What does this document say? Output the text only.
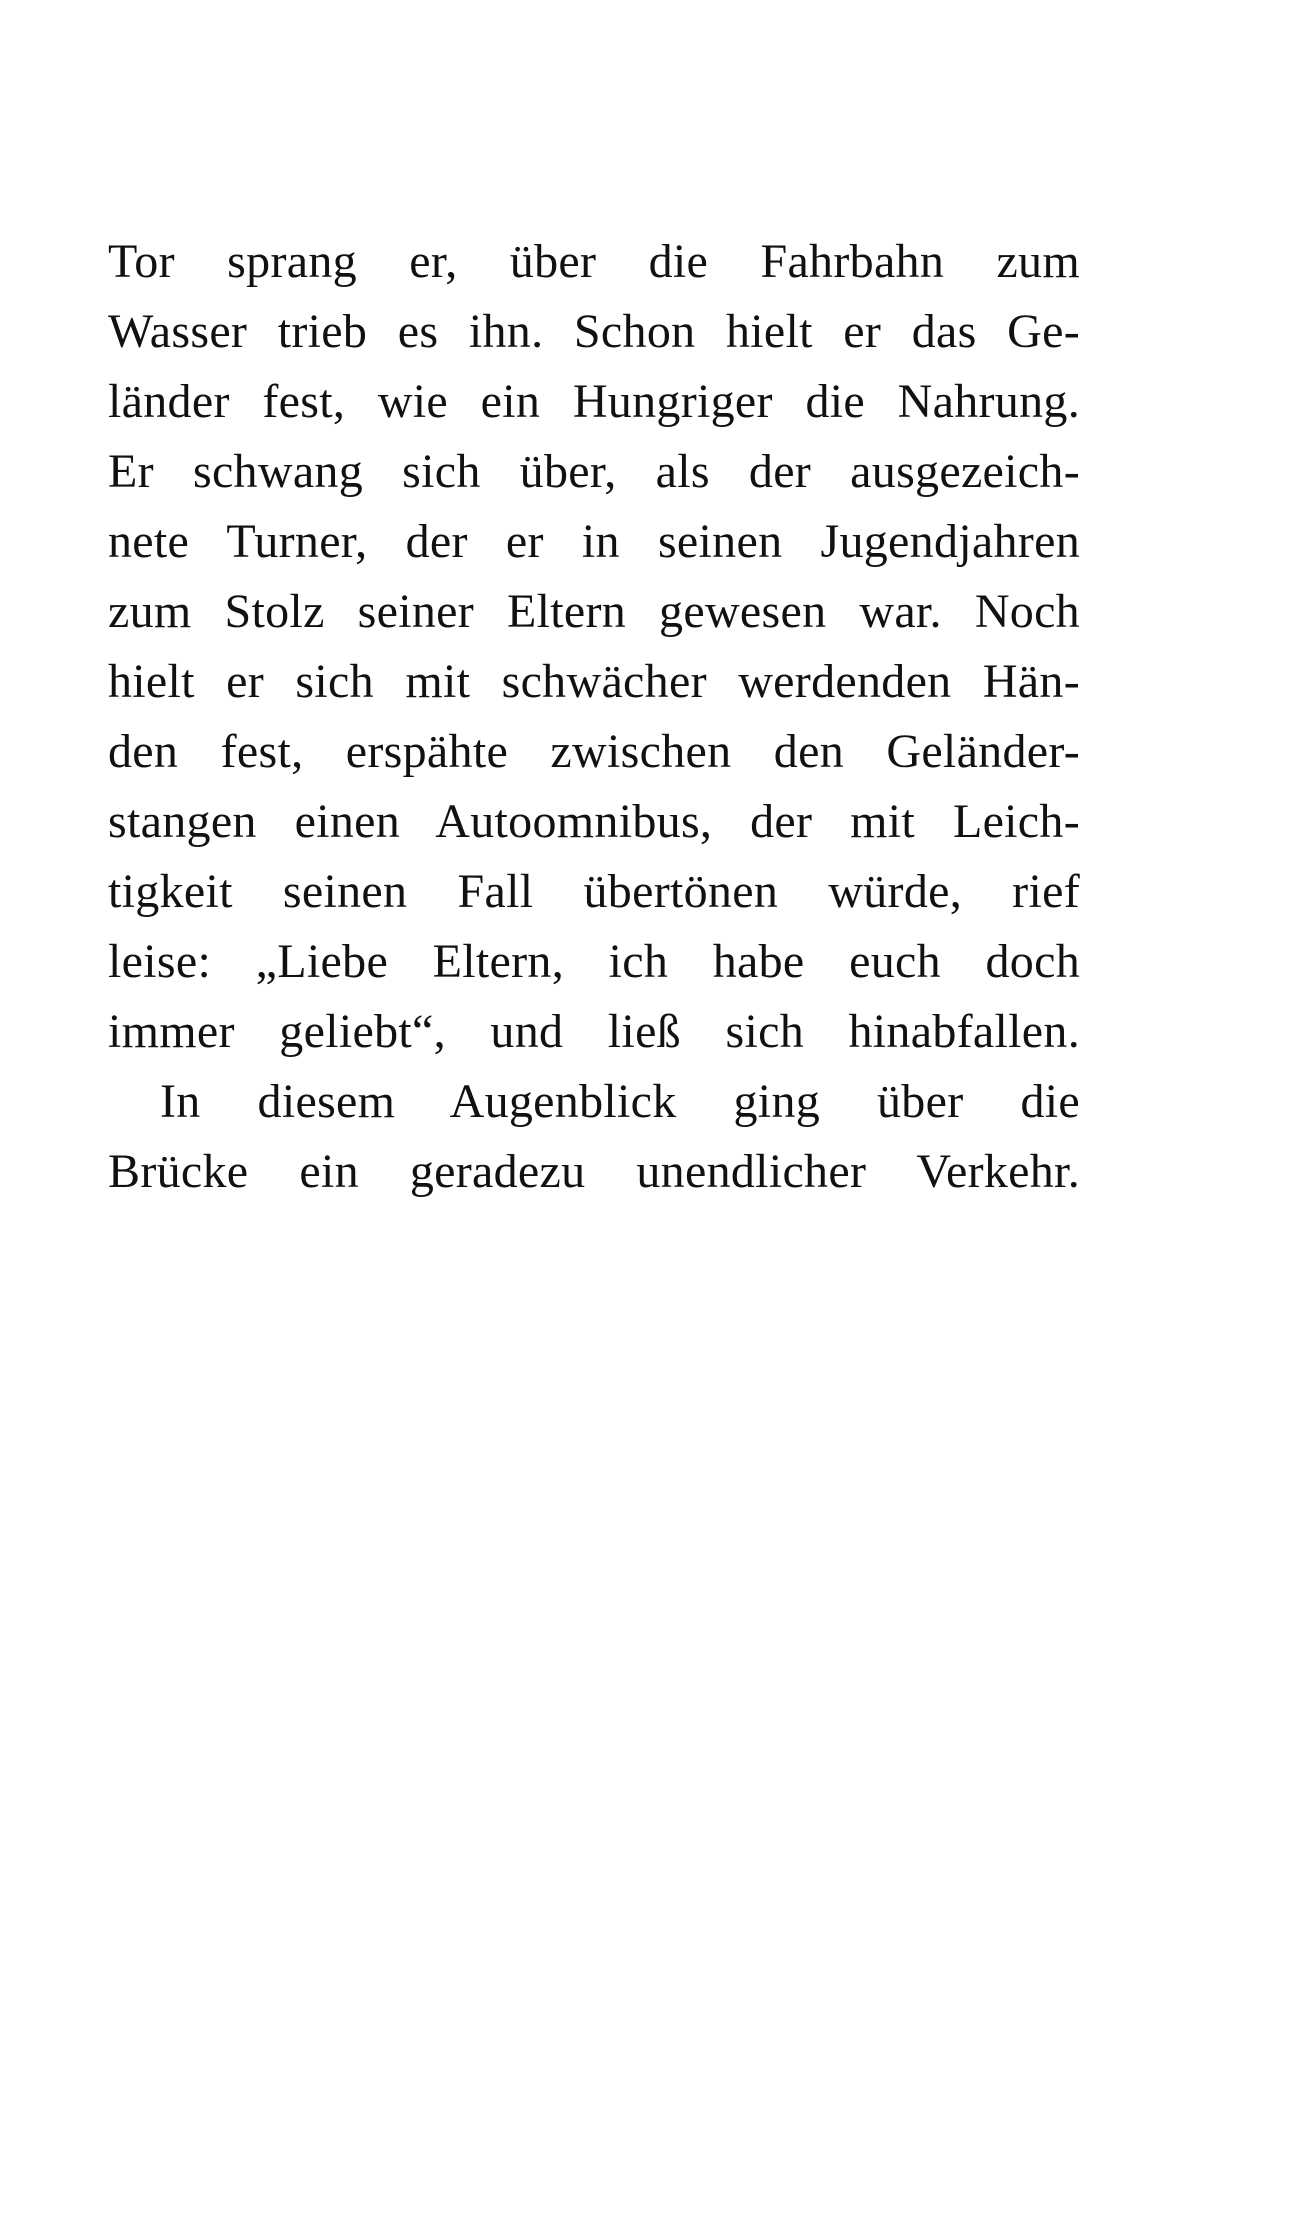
Tor sprang er, über die Fahrbahn zum
Wasser trieb es ihn. Schon hielt er das Ge-
länder fest, wie ein Hungriger die Nahrung.
Er schwang sich über, als der ausgezeich-
nete Turner, der er in seinen Jugendjahren
zum Stolz seiner Eltern gewesen war. Noch
hielt er sich mit schwächer werdenden Hän-
den fest, erspähte zwischen den Geländer-
stangen einen Autoomnibus, der mit Leich-
tigkeit seinen Fall übertönen würde, rief
leise: „Liebe Eltern, ich habe euch doch
immer geliebt“, und ließ sich hinabfallen.
In diesem Augenblick ging über die
Brücke ein geradezu unendlicher Verkehr.
